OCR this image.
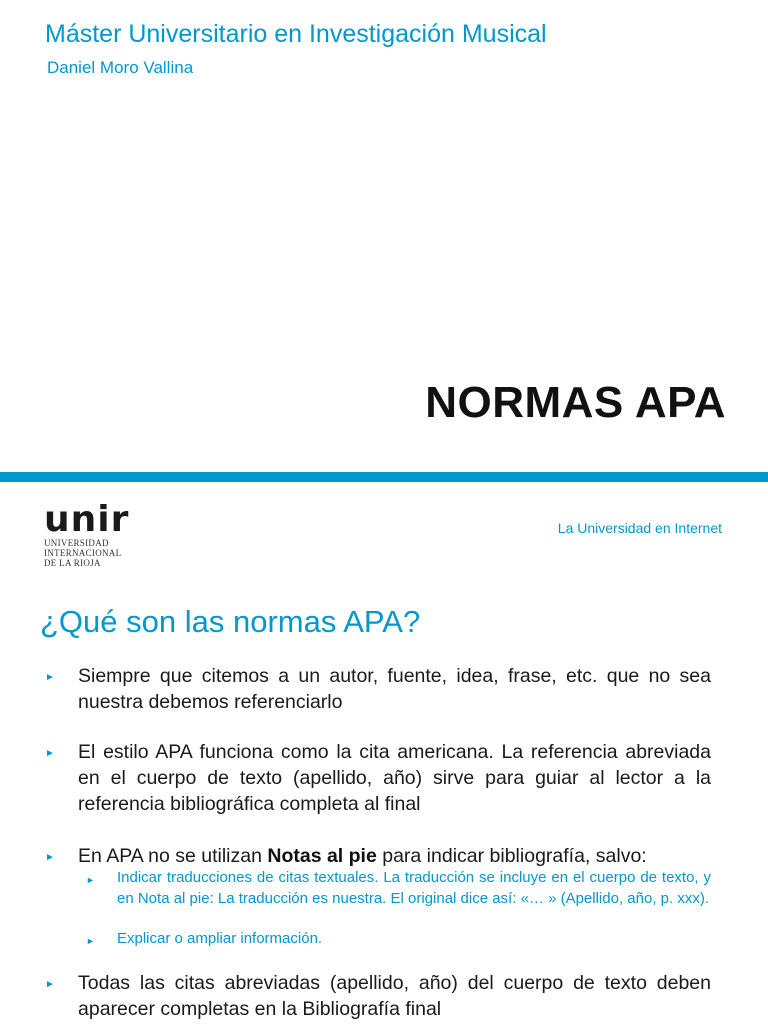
Máster Universitario en Investigación Musical
Daniel Moro Vallina
NORMAS APA
unir
UNIVERSIDAD
INTERNACIONAL
DE LA RIOJA
La Universidad en Internet
¿Qué son las normas APA?
► Siempre que citemos a un autor, fuente, idea, frase, etc. que no sea nuestra debemos referenciarlo
► El estilo APA funciona como la cita americana. La referencia abreviada en el cuerpo de texto (apellido, año) sirve para guiar al lector a la referencia bibliográfica completa al final
► En APA no se utilizan Notas al pie para indicar bibliografía, salvo:
► Indicar traducciones de citas textuales. La traducción se incluye en el cuerpo de texto, y en Nota al pie: La traducción es nuestra. El original dice así: «… » (Apellido, año, p. xxx).
► Explicar o ampliar información.
► Todas las citas abreviadas (apellido, año) del cuerpo de texto deben aparecer completas en la Bibliografía final
